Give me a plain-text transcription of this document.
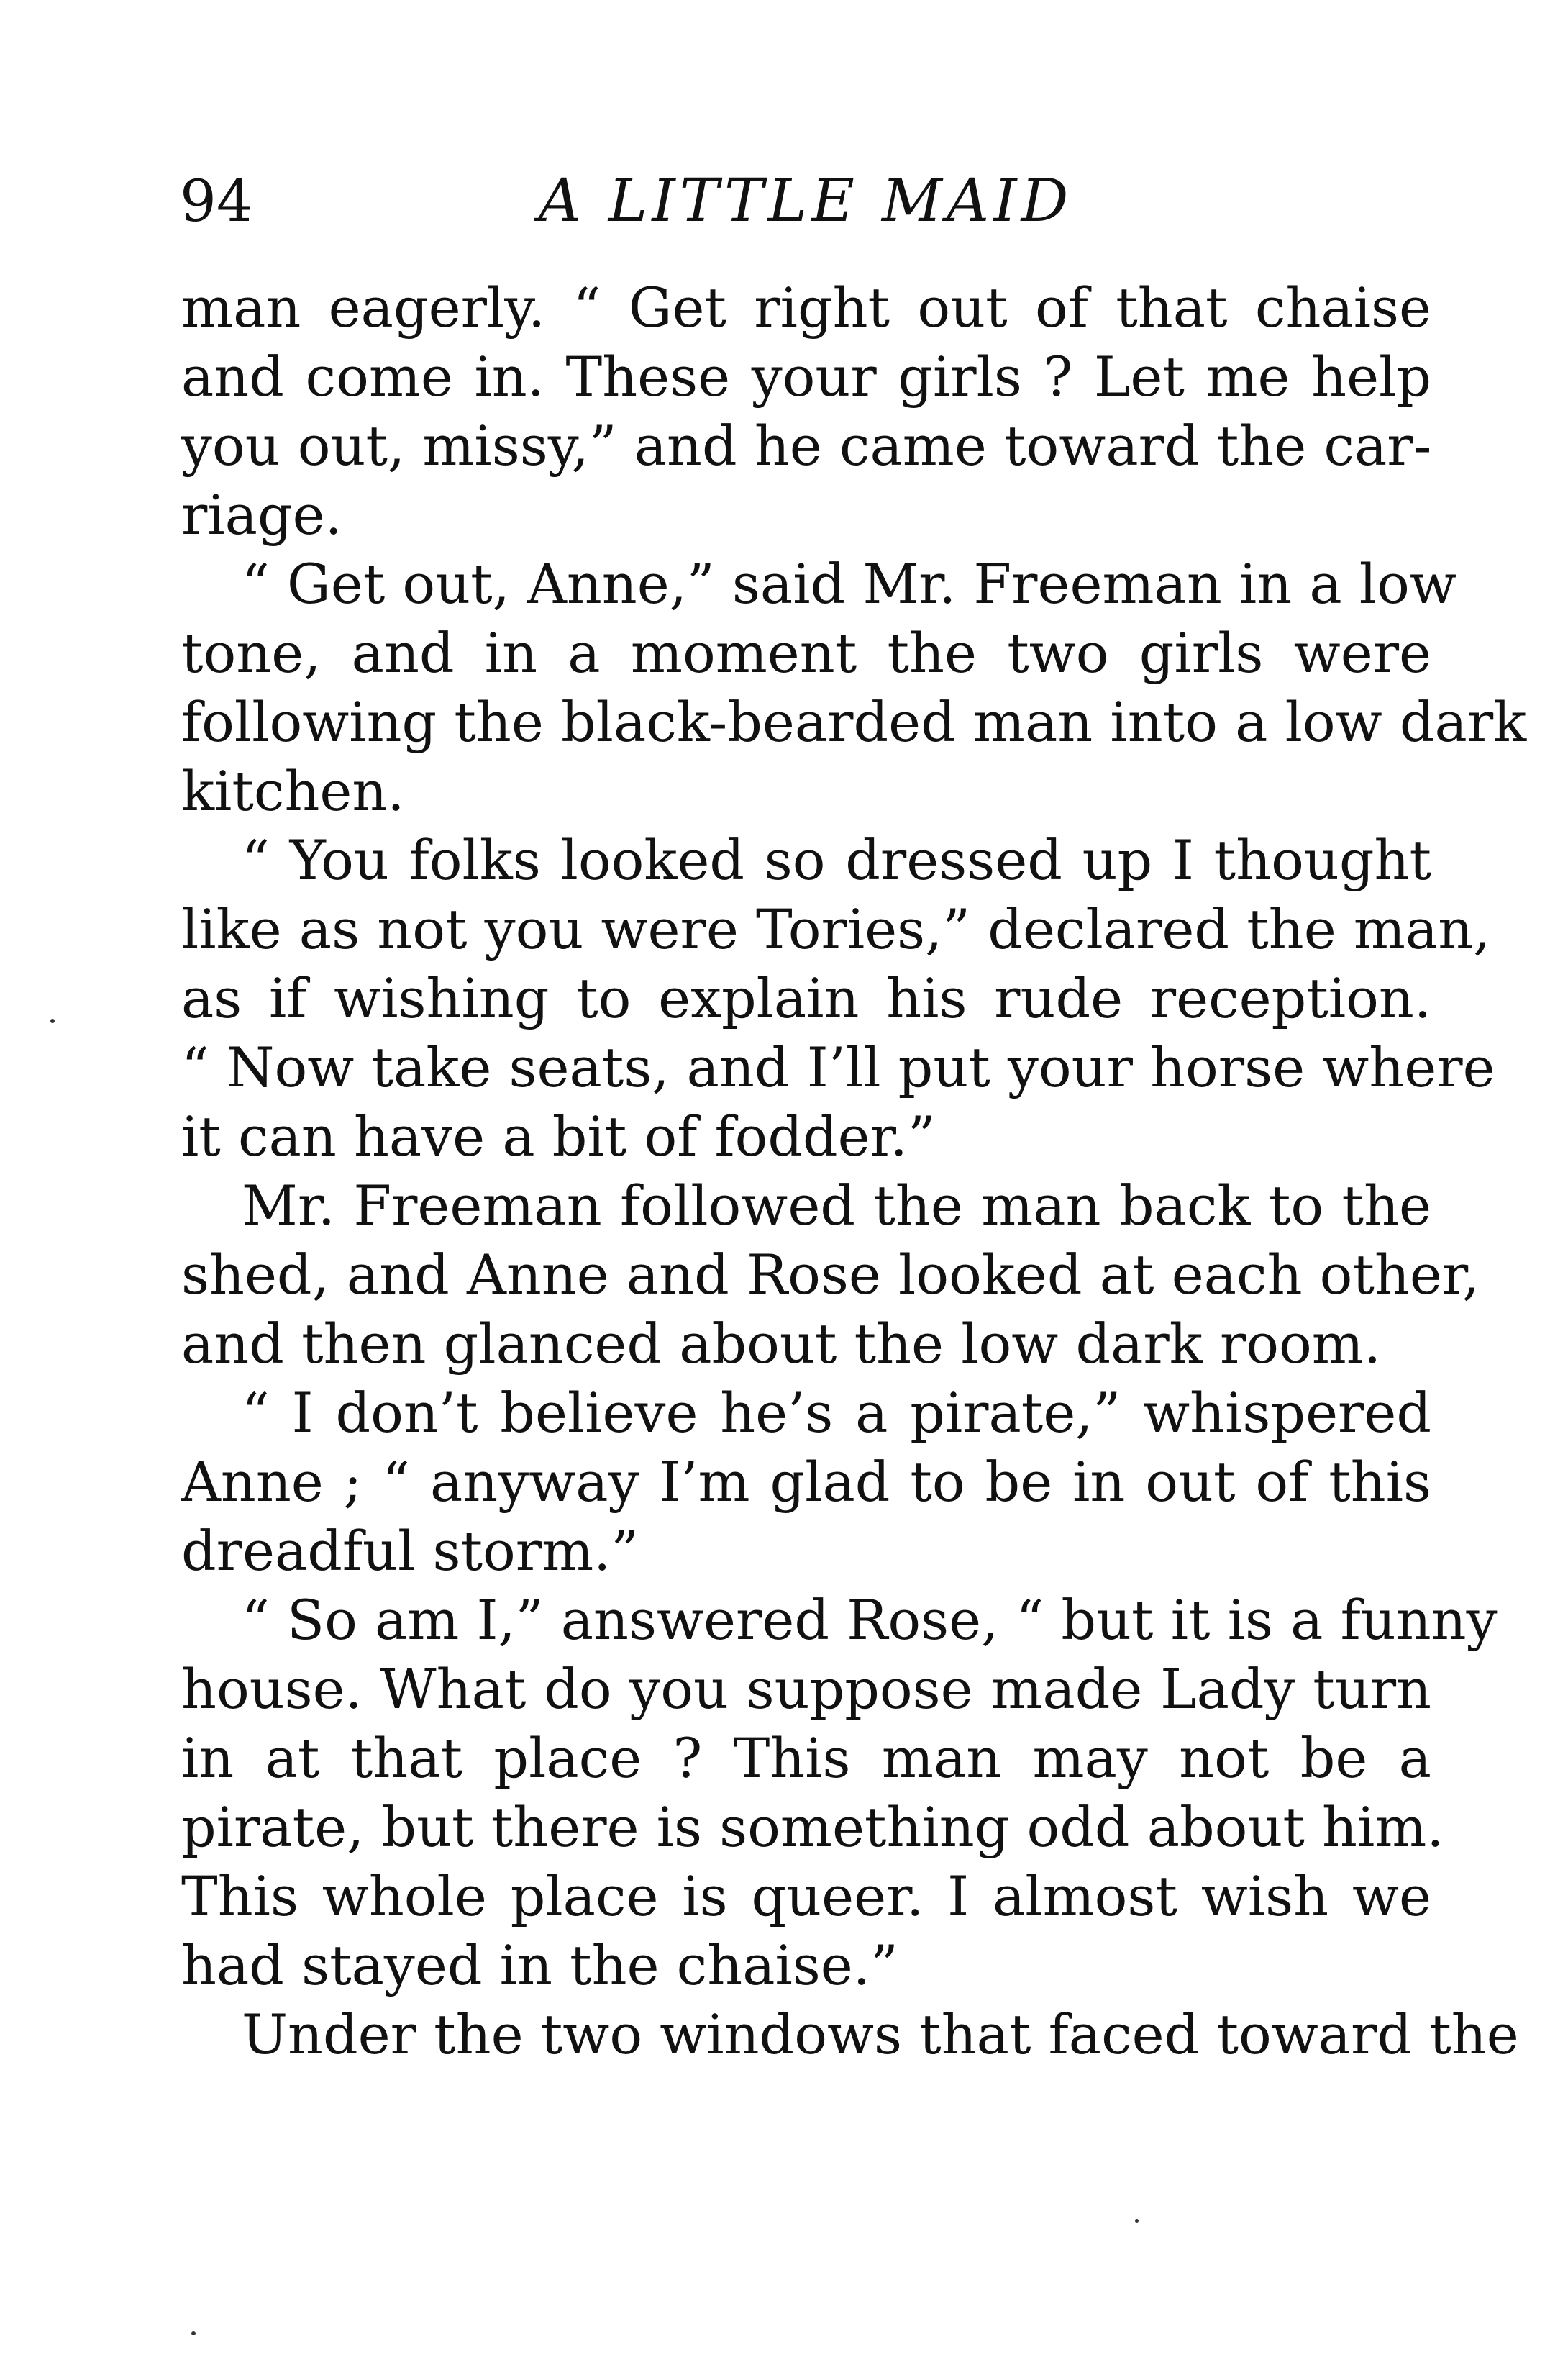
94	A LITTLE MAID
man eagerly. “ Get right out of that chaise
and come in. These your girls ? Let me help
you out, missy,” and he came toward the car-
riage.
“ Get out, Anne,” said Mr. Freeman in a low
tone, and in a moment the two girls were
following the black-bearded man into a low dark
kitchen.
“ You folks looked so dressed up I thought
like as not you were Tories,” declared the man,
as if wishing to explain his rude reception.
“ Now take seats, and I’ll put your horse where
it can have a bit of fodder.”
Mr. Freeman followed the man back to the
shed, and Anne and Rose looked at each other,
and then glanced about the low dark room.
“ I don’t believe he’s a pirate,” whispered
Anne ; “ anyway I’m glad to be in out of this
dreadful storm.”
“ So am I,” answered Rose, “ but it is a funny
house. What do you suppose made Lady turn
in at that place ? This man may not be a
pirate, but there is something odd about him.
This whole place is queer. I almost wish we
had stayed in the chaise.”
Under the two windows that faced toward the
